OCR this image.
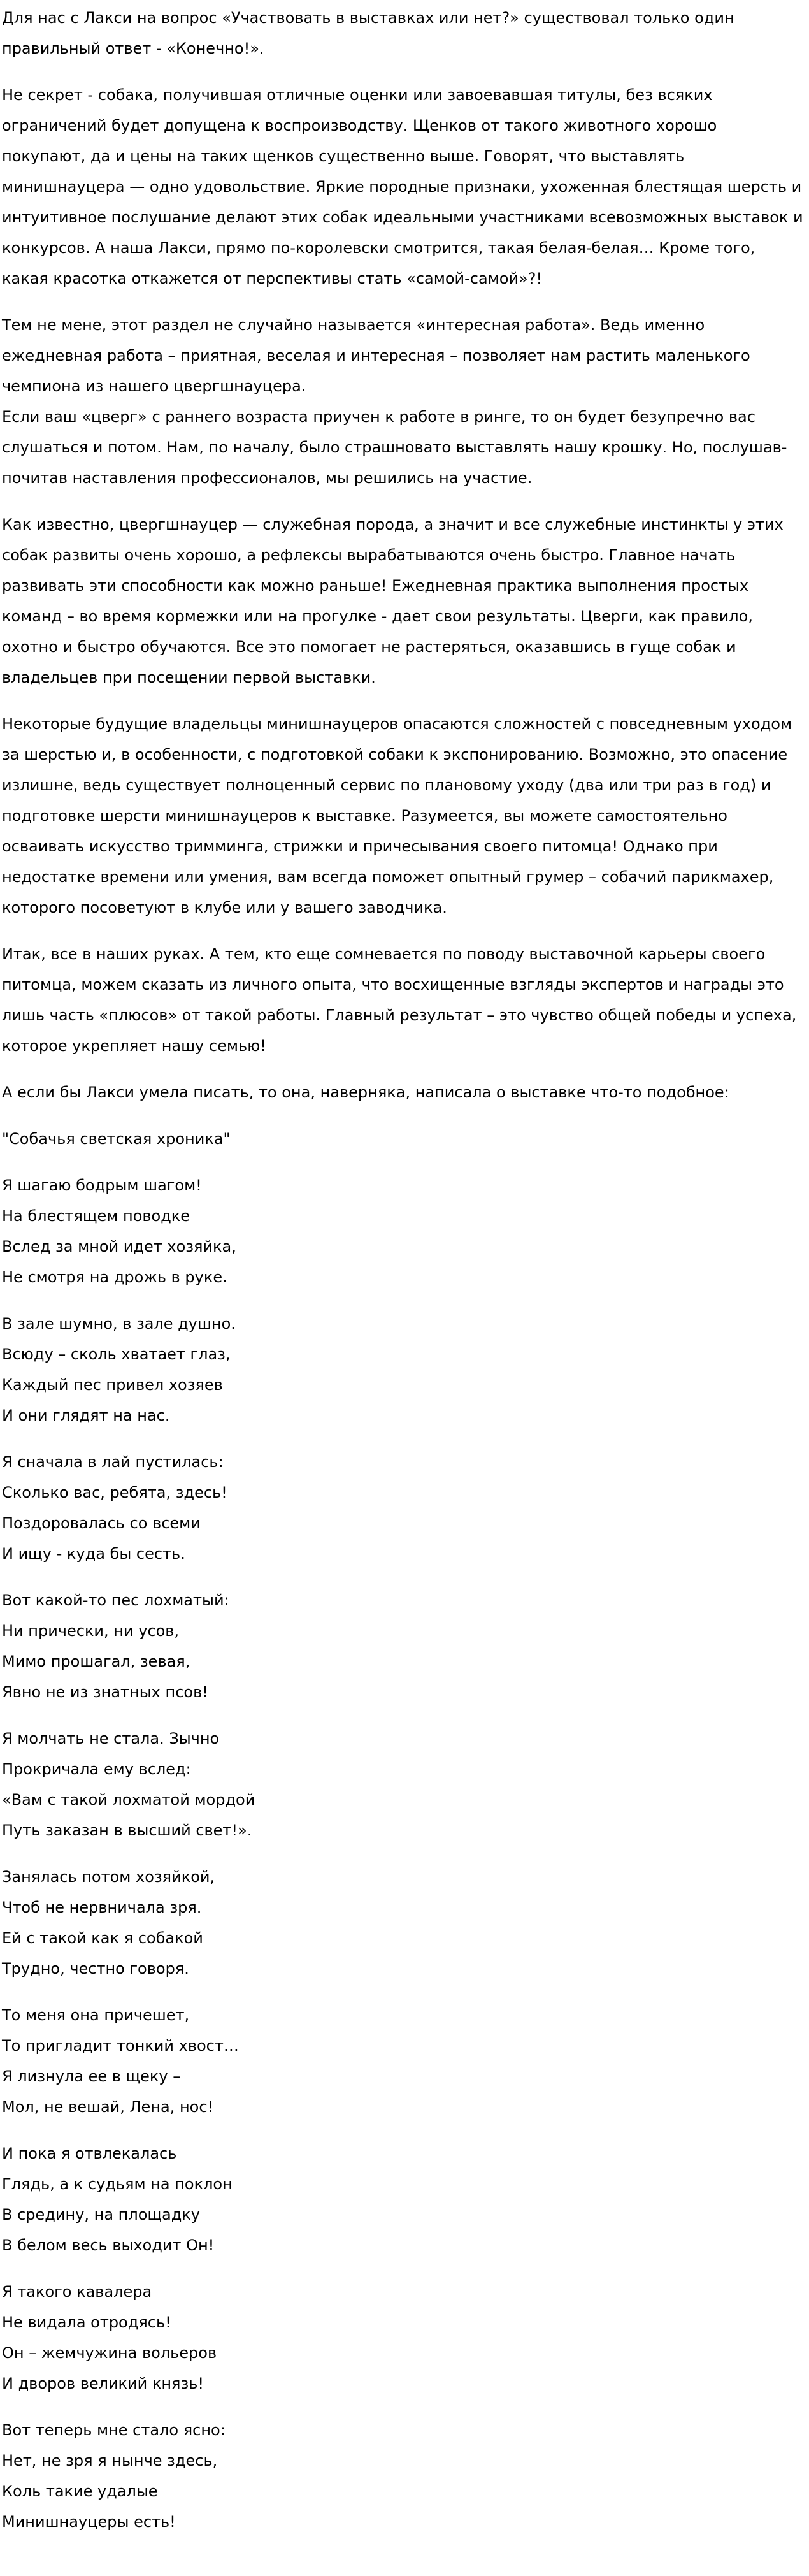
Для нас с Лакси на вопрос «Участвовать в выставках или нет?» существовал только один правильный ответ - «Конечно!».

Не секрет - собака, получившая отличные оценки или завоевавшая титулы, без всяких ограничений будет допущена к воспроизводству. Щенков от такого животного хорошо покупают, да и цены на таких щенков существенно выше. Говорят, что выставлять минишнауцера — одно удовольствие. Яркие породные признаки, ухоженная блестящая шерсть и интуитивное послушание делают этих собак идеальными участниками всевозможных выставок и конкурсов. А наша Лакси, прямо по-королевски смотрится, такая белая-белая… Кроме того, какая красотка откажется от перспективы стать «самой-самой»?!

Тем не мене, этот раздел не случайно называется «интересная работа». Ведь именно ежедневная работа – приятная, веселая и интересная – позволяет нам растить маленького чемпиона из нашего цвергшнауцера.
Если ваш «цверг» с раннего возраста приучен к работе в ринге, то он будет безупречно вас слушаться и потом. Нам, по началу, было страшновато выставлять нашу крошку. Но, послушав- почитав наставления профессионалов, мы решились на участие.

Как известно, цвергшнауцер — служебная порода, а значит и все служебные инстинкты у этих собак развиты очень хорошо, а рефлексы вырабатываются очень быстро. Главное начать развивать эти способности как можно раньше! Ежедневная практика выполнения простых команд – во время кормежки или на прогулке - дает свои результаты. Цверги, как правило, охотно и быстро обучаются. Все это помогает не растеряться, оказавшись в гуще собак и владельцев при посещении первой выставки.

Некоторые будущие владельцы минишнауцеров опасаются сложностей с повседневным уходом за шерстью и, в особенности, с подготовкой собаки к экспонированию. Возможно, это опасение излишне, ведь существует полноценный сервис по плановому уходу (два или три раз в год) и подготовке шерсти минишнауцеров к выставке. Разумеется, вы можете самостоятельно осваивать искусство тримминга, стрижки и причесывания своего питомца! Однако при недостатке времени или умения, вам всегда поможет опытный грумер – собачий парикмахер, которого посоветуют в клубе или у вашего заводчика.

Итак, все в наших руках. А тем, кто еще сомневается по поводу выставочной карьеры своего питомца, можем сказать из личного опыта, что восхищенные взгляды экспертов и награды это лишь часть «плюсов» от такой работы. Главный результат – это чувство общей победы и успеха, которое укрепляет нашу семью!

А если бы Лакси умела писать, то она, наверняка, написала о выставке что-то подобное:

"Собачья светская хроника"

Я шагаю бодрым шагом!
На блестящем поводке
Вслед за мной идет хозяйка,
Не смотря на дрожь в руке.

В зале шумно, в зале душно.
Всюду – сколь хватает глаз,
Каждый пес привел хозяев
И они глядят на нас.

Я сначала в лай пустилась:
Сколько вас, ребята, здесь!
Поздоровалась со всеми
И ищу - куда бы сесть.

Вот какой-то пес лохматый:
Ни прически, ни усов,
Мимо прошагал, зевая,
Явно не из знатных псов!

Я молчать не стала. Зычно
Прокричала ему вслед:
«Вам с такой лохматой мордой
Путь заказан в высший свет!».

Занялась потом хозяйкой,
Чтоб не нервничала зря.
Ей с такой как я собакой
Трудно, честно говоря.

То меня она причешет,
То пригладит тонкий хвост…
Я лизнула ее в щеку –
Мол, не вешай, Лена, нос!

И пока я отвлекалась
Глядь, а к судьям на поклон
В средину, на площадку
В белом весь выходит Он!

Я такого кавалера
Не видала отродясь!
Он – жемчужина вольеров
И дворов великий князь!

Вот теперь мне стало ясно:
Нет, не зря я нынче здесь,
Коль такие удалые
Минишнауцеры есть!
